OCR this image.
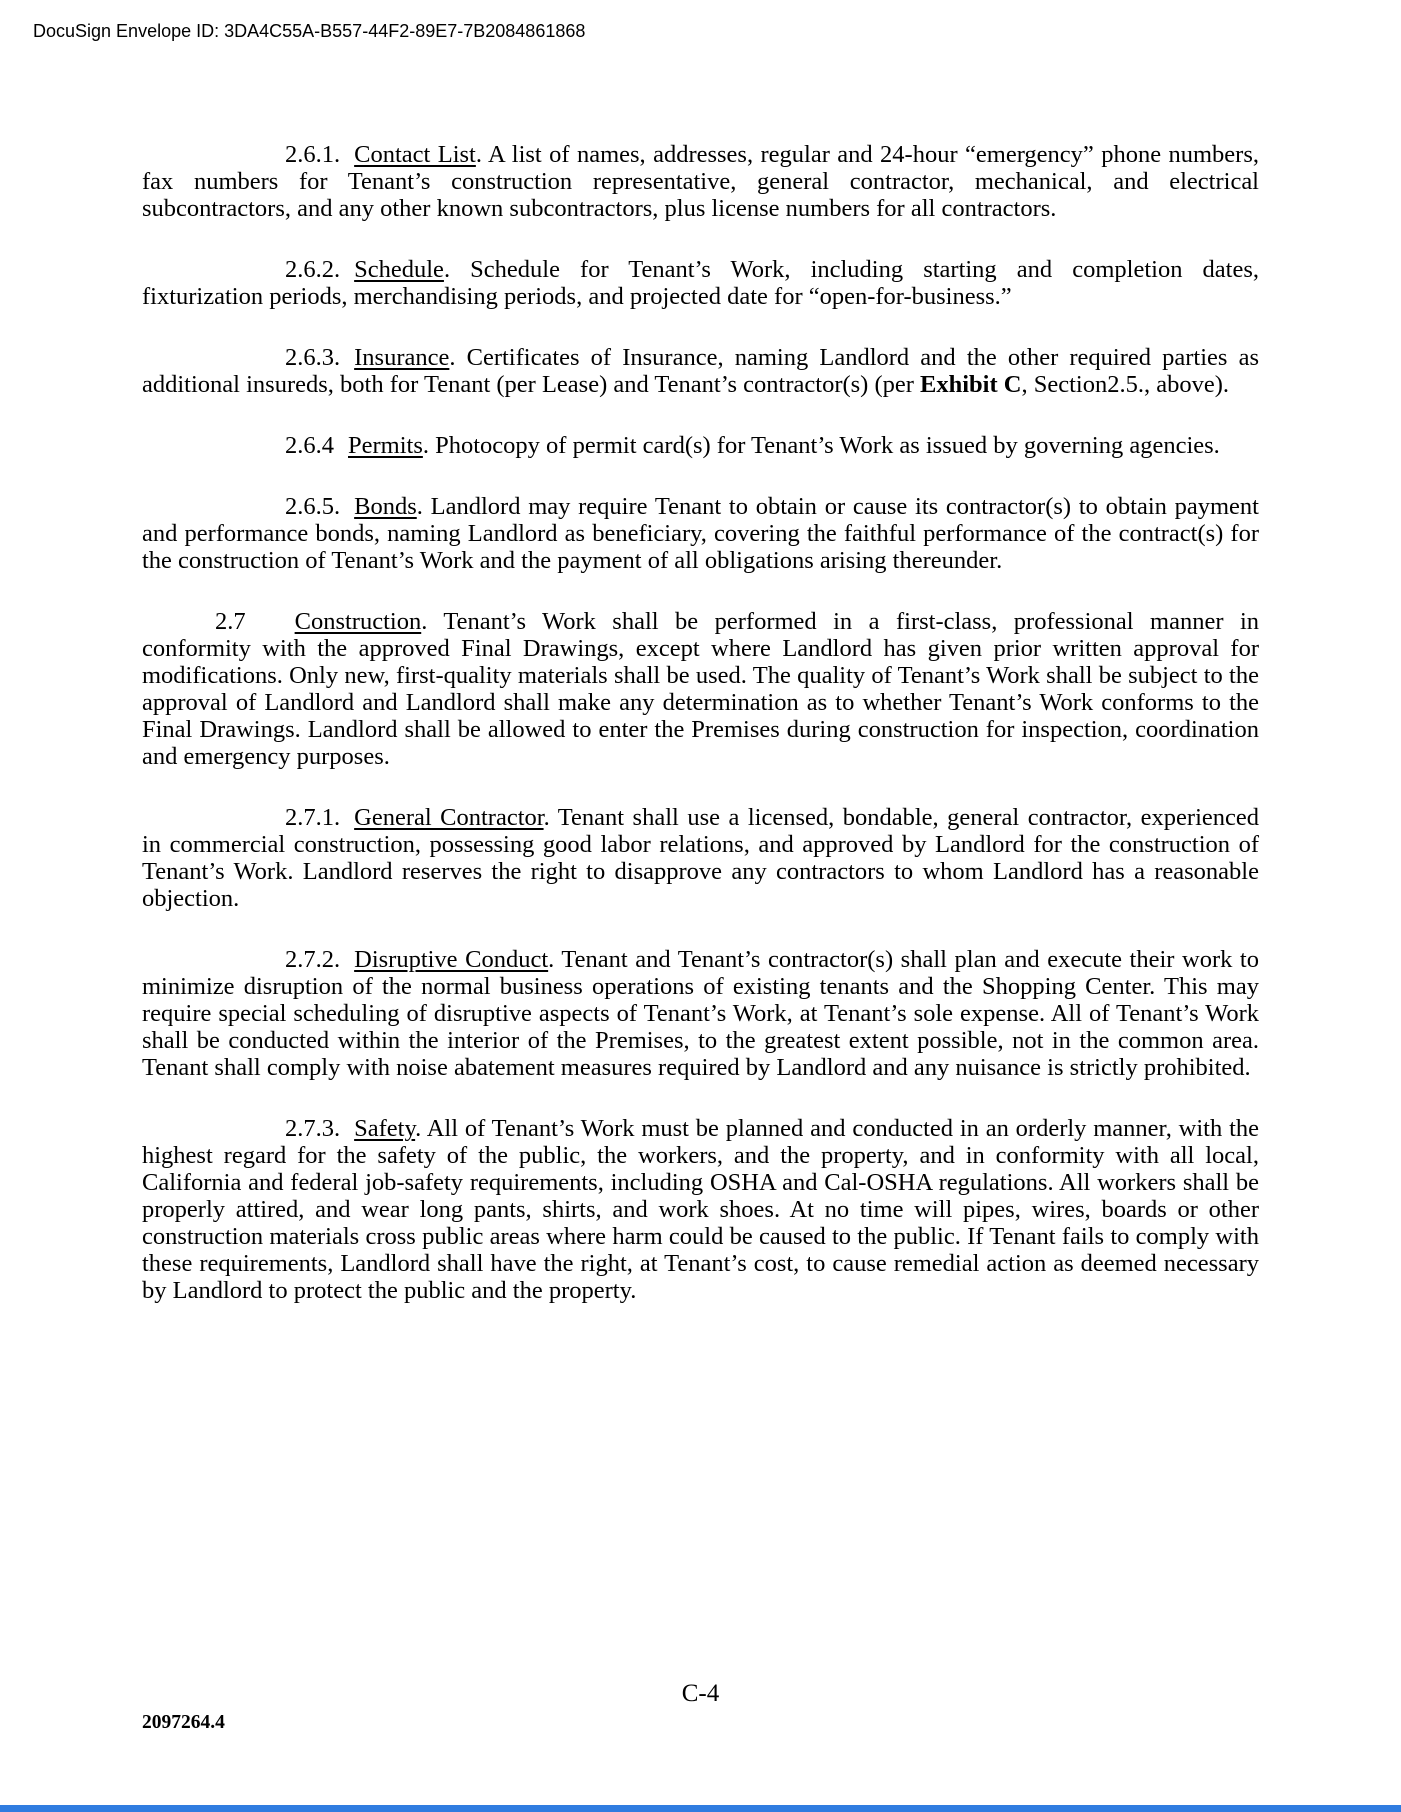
DocuSign Envelope ID: 3DA4C55A-B557-44F2-89E7-7B2084861868

2.6.1. Contact List. A list of names, addresses, regular and 24-hour “emergency” phone numbers, fax numbers for Tenant’s construction representative, general contractor, mechanical, and electrical subcontractors, and any other known subcontractors, plus license numbers for all contractors.

2.6.2. Schedule. Schedule for Tenant’s Work, including starting and completion dates, fixturization periods, merchandising periods, and projected date for “open-for-business.”

2.6.3. Insurance. Certificates of Insurance, naming Landlord and the other required parties as additional insureds, both for Tenant (per Lease) and Tenant’s contractor(s) (per Exhibit C, Section2.5., above).

2.6.4 Permits. Photocopy of permit card(s) for Tenant’s Work as issued by governing agencies.

2.6.5. Bonds. Landlord may require Tenant to obtain or cause its contractor(s) to obtain payment and performance bonds, naming Landlord as beneficiary, covering the faithful performance of the contract(s) for the construction of Tenant’s Work and the payment of all obligations arising thereunder.

2.7 Construction. Tenant’s Work shall be performed in a first-class, professional manner in conformity with the approved Final Drawings, except where Landlord has given prior written approval for modifications. Only new, first-quality materials shall be used. The quality of Tenant’s Work shall be subject to the approval of Landlord and Landlord shall make any determination as to whether Tenant’s Work conforms to the Final Drawings. Landlord shall be allowed to enter the Premises during construction for inspection, coordination and emergency purposes.

2.7.1. General Contractor. Tenant shall use a licensed, bondable, general contractor, experienced in commercial construction, possessing good labor relations, and approved by Landlord for the construction of Tenant’s Work. Landlord reserves the right to disapprove any contractors to whom Landlord has a reasonable objection.

2.7.2. Disruptive Conduct. Tenant and Tenant’s contractor(s) shall plan and execute their work to minimize disruption of the normal business operations of existing tenants and the Shopping Center. This may require special scheduling of disruptive aspects of Tenant’s Work, at Tenant’s sole expense. All of Tenant’s Work shall be conducted within the interior of the Premises, to the greatest extent possible, not in the common area. Tenant shall comply with noise abatement measures required by Landlord and any nuisance is strictly prohibited.

2.7.3. Safety. All of Tenant’s Work must be planned and conducted in an orderly manner, with the highest regard for the safety of the public, the workers, and the property, and in conformity with all local, California and federal job-safety requirements, including OSHA and Cal-OSHA regulations. All workers shall be properly attired, and wear long pants, shirts, and work shoes. At no time will pipes, wires, boards or other construction materials cross public areas where harm could be caused to the public. If Tenant fails to comply with these requirements, Landlord shall have the right, at Tenant’s cost, to cause remedial action as deemed necessary by Landlord to protect the public and the property.

C-4
2097264.4
